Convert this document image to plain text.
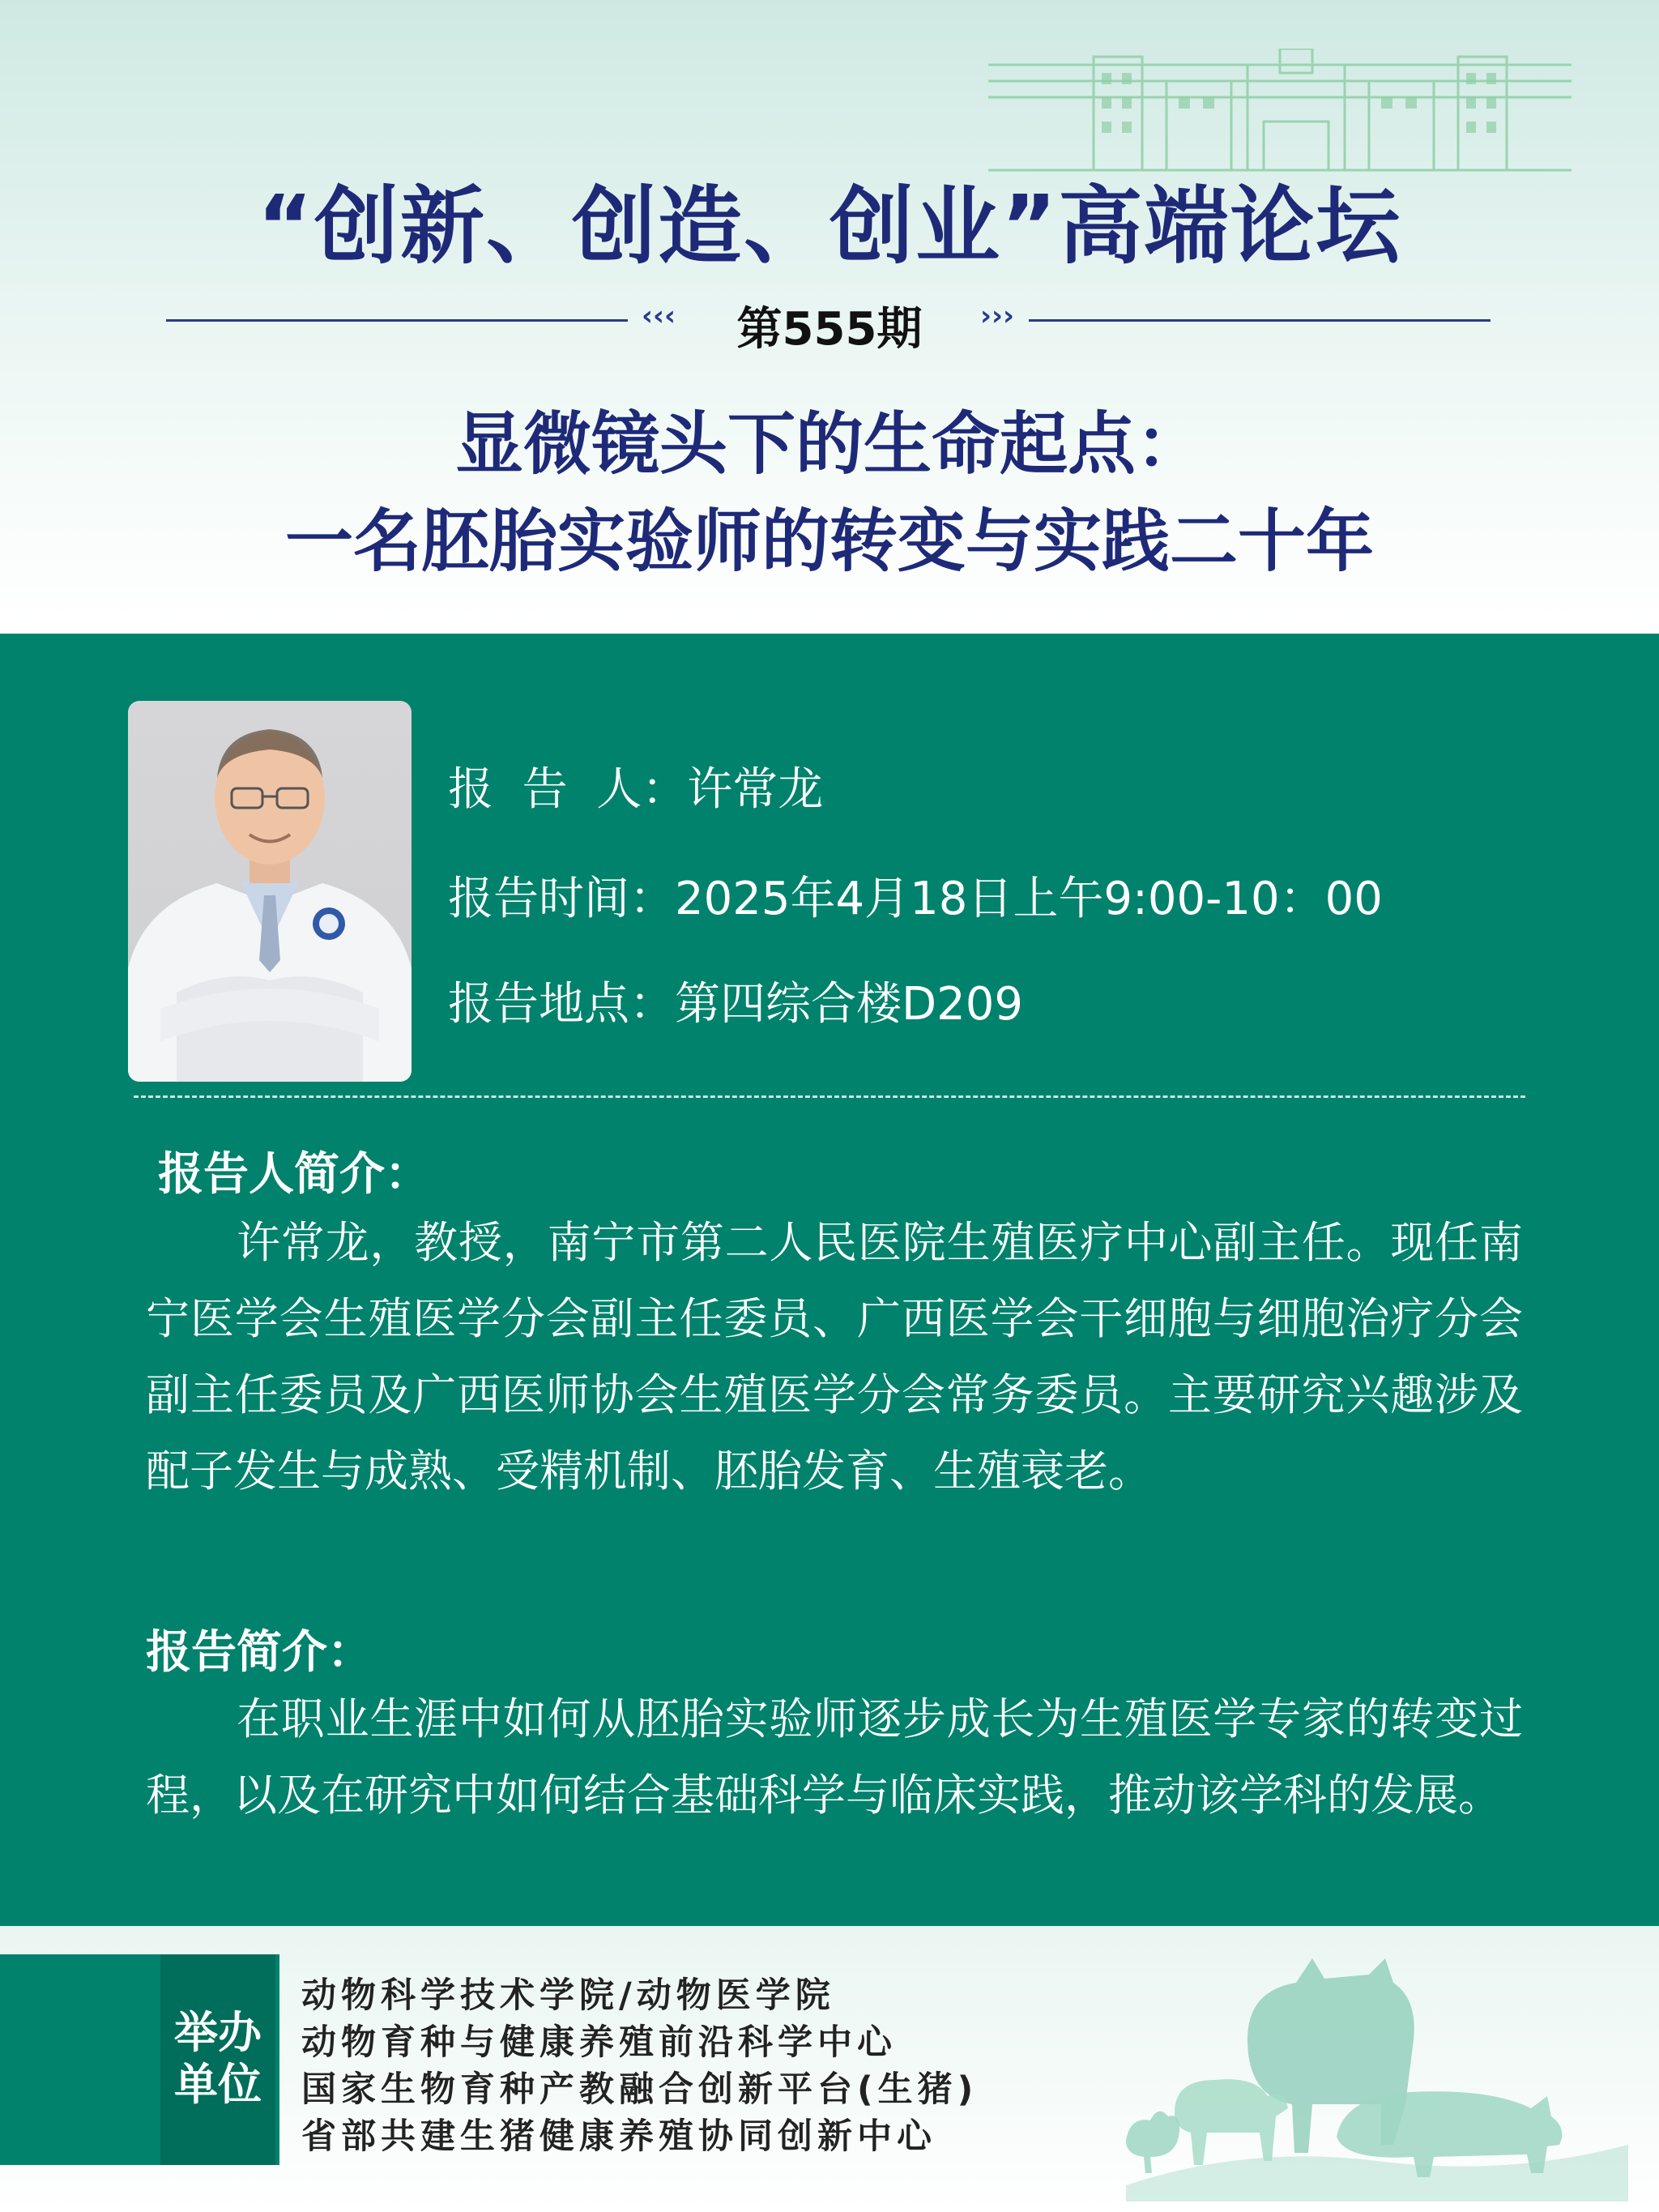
“创新、创造、创业”高端论坛
‹‹‹	第555期	›››
显微镜头下的生命起点：
一名胚胎实验师的转变与实践二十年
报  告  人：许常龙
报告时间：2025年4月18日上午9:00-10：00
报告地点：第四综合楼D209
报告人简介：
许常龙，教授，南宁市第二人民医院生殖医疗中心副主任。现任南宁医学会生殖医学分会副主任委员、广西医学会干细胞与细胞治疗分会副主任委员及广西医师协会生殖医学分会常务委员。主要研究兴趣涉及配子发生与成熟、受精机制、胚胎发育、生殖衰老。
报告简介：
在职业生涯中如何从胚胎实验师逐步成长为生殖医学专家的转变过程，以及在研究中如何结合基础科学与临床实践，推动该学科的发展。
举办
单位
动物科学技术学院/动物医学院
动物育种与健康养殖前沿科学中心
国家生物育种产教融合创新平台(生猪)
省部共建生猪健康养殖协同创新中心
